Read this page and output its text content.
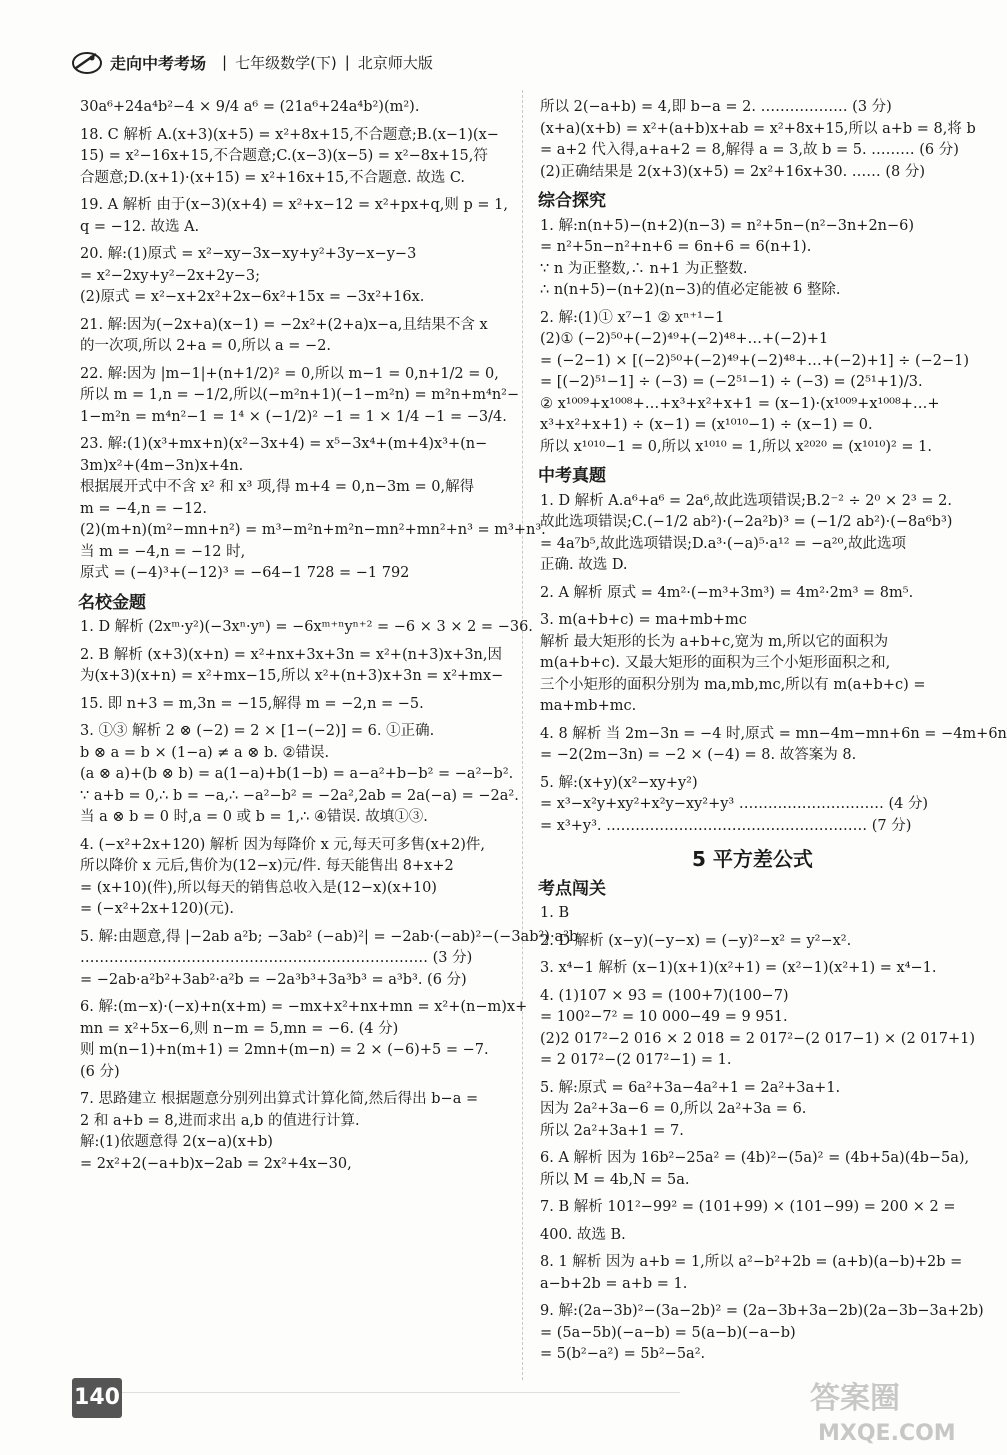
走向中考考场 | 七年级数学(下) | 北京师大版

30a⁶+24a⁴b²−4 × 9/4 a⁶ = (21a⁶+24a⁴b²)(m²).

18. C 解析 A.(x+3)(x+5) = x²+8x+15,不合题意;B.(x−1)(x−

15) = x²−16x+15,不合题意;C.(x−3)(x−5) = x²−8x+15,符

合题意;D.(x+1)·(x+15) = x²+16x+15,不合题意. 故选 C.

19. A 解析 由于(x−3)(x+4) = x²+x−12 = x²+px+q,则 p = 1,

q = −12. 故选 A.

20. 解:(1)原式 = x²−xy−3x−xy+y²+3y−x−y−3

= x²−2xy+y²−2x+2y−3;

(2)原式 = x²−x+2x²+2x−6x²+15x = −3x²+16x.

21. 解:因为(−2x+a)(x−1) = −2x²+(2+a)x−a,且结果不含 x

的一次项,所以 2+a = 0,所以 a = −2.

22. 解:因为 |m−1|+(n+1/2)² = 0,所以 m−1 = 0,n+1/2 = 0,

所以 m = 1,n = −1/2,所以(−m²n+1)(−1−m²n) = m²n+m⁴n²−

1−m²n = m⁴n²−1 = 1⁴ × (−1/2)² −1 = 1 × 1/4 −1 = −3/4.

23. 解:(1)(x³+mx+n)(x²−3x+4) = x⁵−3x⁴+(m+4)x³+(n−

3m)x²+(4m−3n)x+4n.

根据展开式中不含 x² 和 x³ 项,得 m+4 = 0,n−3m = 0,解得

m = −4,n = −12.

(2)(m+n)(m²−mn+n²) = m³−m²n+m²n−mn²+mn²+n³ = m³+n³.

当 m = −4,n = −12 时,

原式 = (−4)³+(−12)³ = −64−1 728 = −1 792

名校金题

1. D 解析 (2xᵐ·y²)(−3xⁿ·yⁿ) = −6xᵐ⁺ⁿyⁿ⁺² = −6 × 3 × 2 = −36.

2. B 解析 (x+3)(x+n) = x²+nx+3x+3n = x²+(n+3)x+3n,因

为(x+3)(x+n) = x²+mx−15,所以 x²+(n+3)x+3n = x²+mx−

15. 即 n+3 = m,3n = −15,解得 m = −2,n = −5.

3. ①③ 解析 2 ⊗ (−2) = 2 × [1−(−2)] = 6. ①正确.

b ⊗ a = b × (1−a) ≠ a ⊗ b. ②错误.

(a ⊗ a)+(b ⊗ b) = a(1−a)+b(1−b) = a−a²+b−b² = −a²−b².

∵ a+b = 0,∴ b = −a,∴ −a²−b² = −2a²,2ab = 2a(−a) = −2a².

当 a ⊗ b = 0 时,a = 0 或 b = 1,∴ ④错误. 故填①③.

4. (−x²+2x+120) 解析 因为每降价 x 元,每天可多售(x+2)件,

所以降价 x 元后,售价为(12−x)元/件. 每天能售出 8+x+2

= (x+10)(件),所以每天的销售总收入是(12−x)(x+10)

= (−x²+2x+120)(元).

5. 解:由题意,得 |−2ab a²b; −3ab² (−ab)²| = −2ab·(−ab)²−(−3ab²)·a²b

……………………………………………………………… (3 分)

= −2ab·a²b²+3ab²·a²b = −2a³b³+3a³b³ = a³b³. (6 分)

6. 解:(m−x)·(−x)+n(x+m) = −mx+x²+nx+mn = x²+(n−m)x+

mn = x²+5x−6,则 n−m = 5,mn = −6. (4 分)

则 m(n−1)+n(m+1) = 2mn+(m−n) = 2 × (−6)+5 = −7.

(6 分)

7. 思路建立 根据题意分别列出算式计算化简,然后得出 b−a =

2 和 a+b = 8,进而求出 a,b 的值进行计算.

解:(1)依题意得 2(x−a)(x+b)

= 2x²+2(−a+b)x−2ab = 2x²+4x−30,

所以 2(−a+b) = 4,即 b−a = 2. ……………… (3 分)

(x+a)(x+b) = x²+(a+b)x+ab = x²+8x+15,所以 a+b = 8,将 b

= a+2 代入得,a+a+2 = 8,解得 a = 3,故 b = 5. ……… (6 分)

(2)正确结果是 2(x+3)(x+5) = 2x²+16x+30. …… (8 分)

综合探究

1. 解:n(n+5)−(n+2)(n−3) = n²+5n−(n²−3n+2n−6)

= n²+5n−n²+n+6 = 6n+6 = 6(n+1).

∵ n 为正整数,∴ n+1 为正整数.

∴ n(n+5)−(n+2)(n−3)的值必定能被 6 整除.

2. 解:(1)① x⁷−1 ② xⁿ⁺¹−1

(2)① (−2)⁵⁰+(−2)⁴⁹+(−2)⁴⁸+…+(−2)+1

= (−2−1) × [(−2)⁵⁰+(−2)⁴⁹+(−2)⁴⁸+…+(−2)+1] ÷ (−2−1)

= [(−2)⁵¹−1] ÷ (−3) = (−2⁵¹−1) ÷ (−3) = (2⁵¹+1)/3.

② x¹⁰⁰⁹+x¹⁰⁰⁸+…+x³+x²+x+1 = (x−1)·(x¹⁰⁰⁹+x¹⁰⁰⁸+…+

x³+x²+x+1) ÷ (x−1) = (x¹⁰¹⁰−1) ÷ (x−1) = 0.

所以 x¹⁰¹⁰−1 = 0,所以 x¹⁰¹⁰ = 1,所以 x²⁰²⁰ = (x¹⁰¹⁰)² = 1.

中考真题

1. D 解析 A.a⁶+a⁶ = 2a⁶,故此选项错误;B.2⁻² ÷ 2⁰ × 2³ = 2.

故此选项错误;C.(−1/2 ab²)·(−2a²b)³ = (−1/2 ab²)·(−8a⁶b³)

= 4a⁷b⁵,故此选项错误;D.a³·(−a)⁵·a¹² = −a²⁰,故此选项

正确. 故选 D.

2. A 解析 原式 = 4m²·(−m³+3m³) = 4m²·2m³ = 8m⁵.

3. m(a+b+c) = ma+mb+mc

解析 最大矩形的长为 a+b+c,宽为 m,所以它的面积为

m(a+b+c). 又最大矩形的面积为三个小矩形面积之和,

三个小矩形的面积分别为 ma,mb,mc,所以有 m(a+b+c) =

ma+mb+mc.

4. 8 解析 当 2m−3n = −4 时,原式 = mn−4m−mn+6n = −4m+6n

= −2(2m−3n) = −2 × (−4) = 8. 故答案为 8.

5. 解:(x+y)(x²−xy+y²)

= x³−x²y+xy²+x²y−xy²+y³ ………………………… (4 分)

= x³+y³. ……………………………………………… (7 分)

5 平方差公式
考点闯关

1. B

2. D 解析 (x−y)(−y−x) = (−y)²−x² = y²−x².

3. x⁴−1 解析 (x−1)(x+1)(x²+1) = (x²−1)(x²+1) = x⁴−1.

4. (1)107 × 93 = (100+7)(100−7)

= 100²−7² = 10 000−49 = 9 951.

(2)2 017²−2 016 × 2 018 = 2 017²−(2 017−1) × (2 017+1)

= 2 017²−(2 017²−1) = 1.

5. 解:原式 = 6a²+3a−4a²+1 = 2a²+3a+1.

因为 2a²+3a−6 = 0,所以 2a²+3a = 6.

所以 2a²+3a+1 = 7.

6. A 解析 因为 16b²−25a² = (4b)²−(5a)² = (4b+5a)(4b−5a),

所以 M = 4b,N = 5a.

7. B 解析 101²−99² = (101+99) × (101−99) = 200 × 2 =

400. 故选 B.

8. 1 解析 因为 a+b = 1,所以 a²−b²+2b = (a+b)(a−b)+2b =

a−b+2b = a+b = 1.

9. 解:(2a−3b)²−(3a−2b)² = (2a−3b+3a−2b)(2a−3b−3a+2b)

= (5a−5b)(−a−b) = 5(a−b)(−a−b)

= 5(b²−a²) = 5b²−5a².

140	答案圈
MXQE.COM
